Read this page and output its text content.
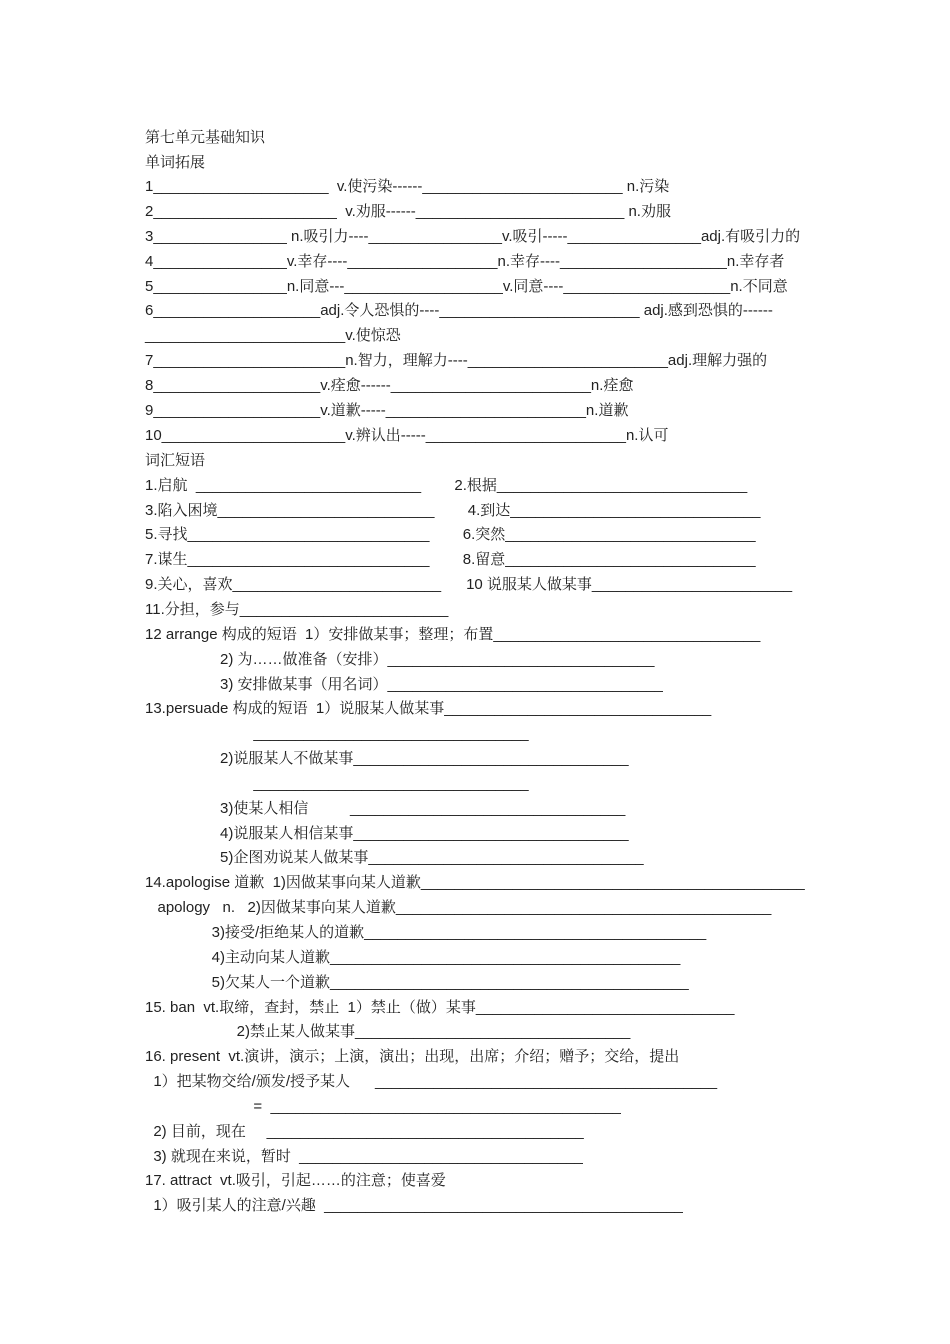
第七单元基础知识

单词拓展

1_____________________  v.使污染------________________________ n.污染

2______________________  v.劝服------_________________________ n.劝服

3________________ n.吸引力----________________v.吸引-----________________adj.有吸引力的

4________________v.幸存----__________________n.幸存----____________________n.幸存者

5________________n.同意---___________________v.同意----____________________n.不同意

6____________________adj.令人恐惧的----________________________ adj.感到恐惧的------

________________________v.使惊恐

7_______________________n.智力，理解力----________________________adj.理解力强的

8____________________v.痊愈------________________________n.痊愈

9____________________v.道歉-----________________________n.道歉

10______________________v.辨认出-----________________________n.认可

词汇短语

1.启航  ___________________________        2.根据______________________________

3.陷入困境__________________________        4.到达______________________________

5.寻找_____________________________        6.突然______________________________

7.谋生_____________________________        8.留意______________________________

9.关心，喜欢_________________________      10 说服某人做某事________________________

11.分担，参与_________________________

12 arrange 构成的短语  1）安排做某事；整理；布置________________________________

2) 为……做准备（安排）________________________________

3) 安排做某事（用名词）_________________________________

13.persuade 构成的短语  1）说服某人做某事________________________________

_________________________________

2)说服某人不做某事_________________________________

_________________________________

3)使某人相信          _________________________________

4)说服某人相信某事_________________________________

5)企图劝说某人做某事_________________________________

14.apologise 道歉  1)因做某事向某人道歉______________________________________________

apology   n.   2)因做某事向某人道歉_____________________________________________

3)接受/拒绝某人的道歉_________________________________________

4)主动向某人道歉__________________________________________

5)欠某人一个道歉___________________________________________

15. ban  vt.取缔，查封，禁止  1）禁止（做）某事_______________________________

2)禁止某人做某事_________________________________

16. present  vt.演讲，演示；上演，演出；出现，出席；介绍；赠予；交给，提出

1）把某物交给/颁发/授予某人      _________________________________________

=  __________________________________________

2) 目前，现在     ______________________________________

3) 就现在来说，暂时  __________________________________

17. attract  vt.吸引，引起……的注意；使喜爱

1）吸引某人的注意/兴趣  ___________________________________________
